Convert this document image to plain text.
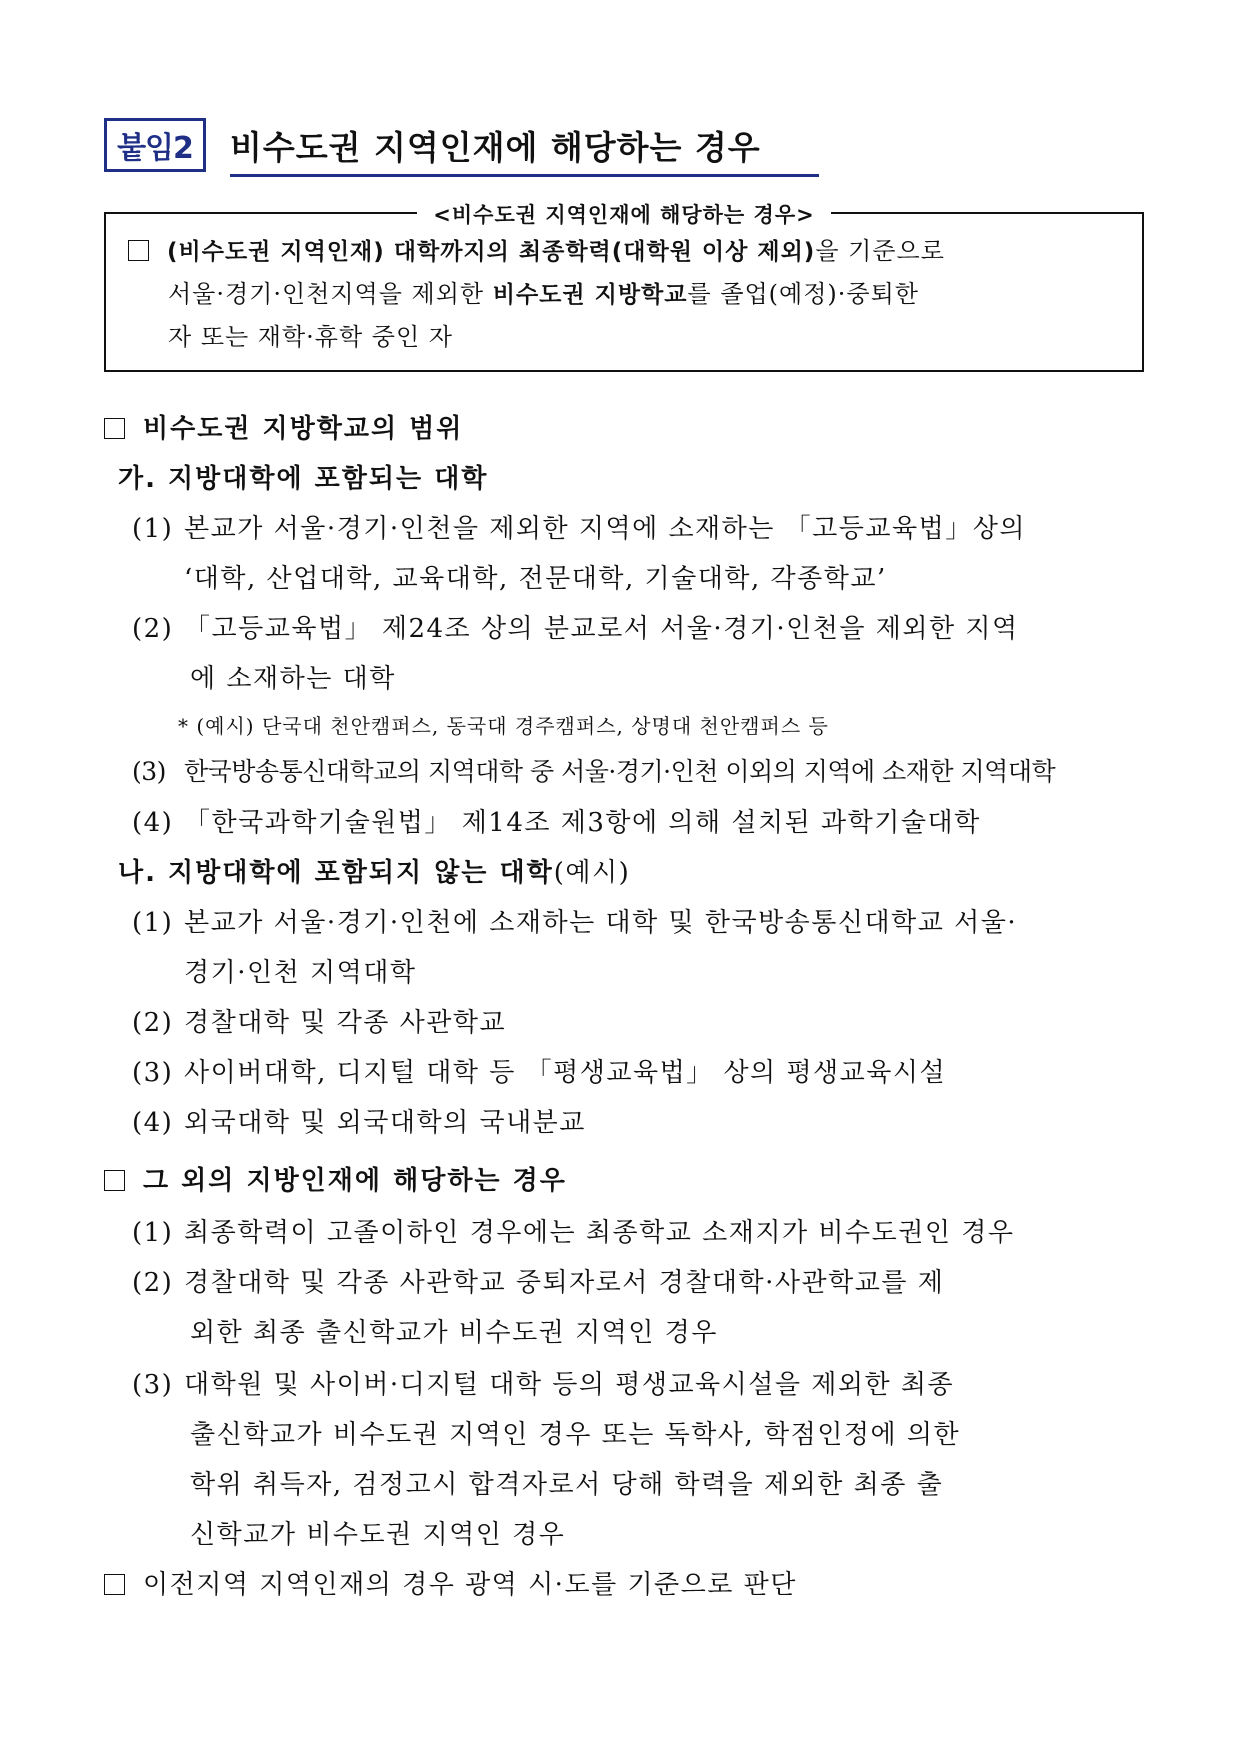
붙임2	비수도권 지역인재에 해당하는 경우
<비수도권 지역인재에 해당하는 경우>
(비수도권 지역인재) 대학까지의 최종학력(대학원 이상 제외)을 기준으로
서울·경기·인천지역을 제외한 비수도권 지방학교를 졸업(예정)·중퇴한
자 또는 재학·휴학 중인 자
비수도권 지방학교의 범위
가. 지방대학에 포함되는 대학
(1) 본교가 서울·경기·인천을 제외한 지역에 소재하는 「고등교육법」상의
‘대학, 산업대학, 교육대학, 전문대학, 기술대학, 각종학교’
(2) 「고등교육법」 제24조 상의 분교로서 서울·경기·인천을 제외한 지역
에 소재하는 대학
* (예시) 단국대 천안캠퍼스, 동국대 경주캠퍼스, 상명대 천안캠퍼스 등
(3) 한국방송통신대학교의 지역대학 중 서울·경기·인천 이외의 지역에 소재한 지역대학
(4) 「한국과학기술원법」 제14조 제3항에 의해 설치된 과학기술대학
나. 지방대학에 포함되지 않는 대학(예시)
(1) 본교가 서울·경기·인천에 소재하는 대학 및 한국방송통신대학교 서울·
경기·인천 지역대학
(2) 경찰대학 및 각종 사관학교
(3) 사이버대학, 디지털 대학 등 「평생교육법」 상의 평생교육시설
(4) 외국대학 및 외국대학의 국내분교
그 외의 지방인재에 해당하는 경우
(1) 최종학력이 고졸이하인 경우에는 최종학교 소재지가 비수도권인 경우
(2) 경찰대학 및 각종 사관학교 중퇴자로서 경찰대학·사관학교를 제
외한 최종 출신학교가 비수도권 지역인 경우
(3) 대학원 및 사이버·디지털 대학 등의 평생교육시설을 제외한 최종
출신학교가 비수도권 지역인 경우 또는 독학사, 학점인정에 의한
학위 취득자, 검정고시 합격자로서 당해 학력을 제외한 최종 출
신학교가 비수도권 지역인 경우
이전지역 지역인재의 경우 광역 시·도를 기준으로 판단
